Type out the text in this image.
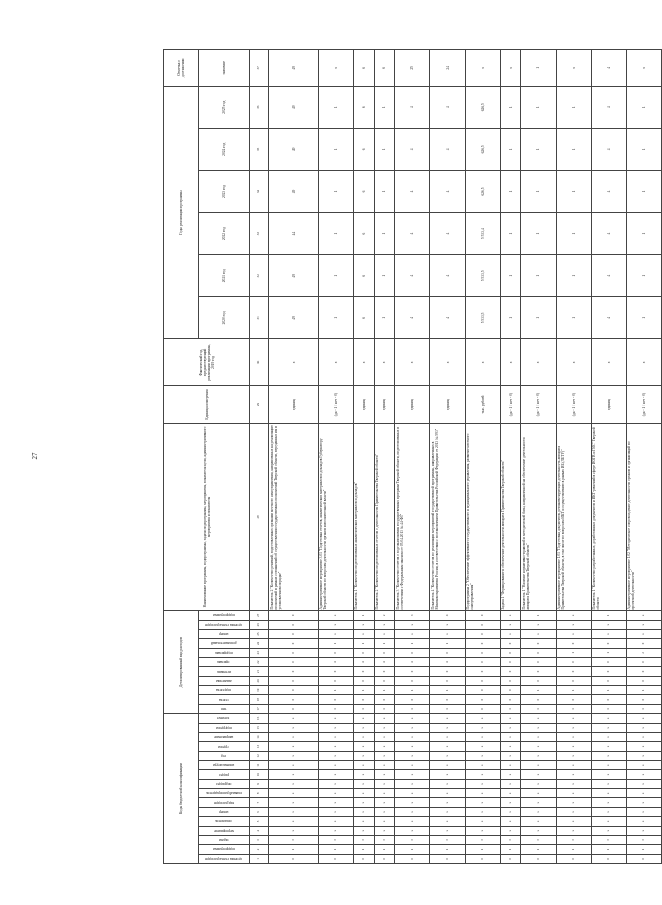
27
Коды бюджетной классификации																Детализированный вид расходов											Наименование программы, подпрограммы, задачи подпрограммы, мероприятия, показателя цели, административного мероприятия и показателя	Единица измерения	Фактический год, предшествующий реализации программы, 2019 год	Годы реализации программы						Отметка о достижении
целевая статья расходов	подпрограмма	задача	мероприятие	показатель	номер	вид расходов	главный распорядитель	подраздел	раздел	номенклатура	год	группа	направление	подгруппа	элемент	тип	статья	подстатья	аналитика	источник	признак	подпризнак	дополнительный	номер	целевая статья расходов	подпрограмма				2020 год	2021 год	2022 год	2023 год	2024 год	2025 год	значение
1	2	3	4	5	6	7	8	9	10	11	12	13	14	15	16	17	18	19	20	21	22	23	24	25	26	27	28	29	30	31	32	33	34	35	36	37
0	1	3	x	x	x	x	x	x	x	x	x	x	x	x	x	0	0	0	0	0	0	0	0	0	0	0	Показатель 2 "Количество решений, подготовленных органами местного самоуправления, направленных на реализацию полномочий в рамках соглашений об осуществлении государственных полномочий Тверской области, переданных им в установленном порядке"	единиц	x	49	49	44	49	49	49	49
0	1	3	x	x	x	x	x	x	x	x	x	x	x	x	x	1	0	1	0	0	4	0	1	x	x	x	Административное мероприятие 3.01 "Подготовка отчетов, аналитических материалов и докладов Губернатору Тверской области по вопросам деятельности органов исполнительной власти"	(да - 1 / нет - 0)	x	1	1	1	1	1	1	x
0	1	3	x	x	x	x	x	x	x	x	x	x	x	x	x	1	0	1	0	0	4	0	1	x	x	1	Показатель 1 "Количество подготовленных аналитических материалов и докладов"	единиц	x	6	6	6	6	6	6	6
0	1	3	x	x	x	x	x	x	x	x	x	x	x	x	x	1	0	1	0	0	4	0	1	x	x	2	Показатель 2 "Количество подготовленных отчетов о деятельности Правительства Тверской области"	единиц	x	1	1	1	1	1	1	6
0	1	3	x	x	x	x	x	x	x	x	x	x	x	x	x	1	0	1	0	0	4	0	1	x	x	3	Показатель 3 "Количество отчетов о ходе выполнения государственных программ Тверской области, подготовленных в соответствии с Федеральным законом от 05.04.2013 № 44-ФЗ"	единиц	x	4	4	4	4	4	4	25
0	1	3	x	x	x	x	x	x	x	x	x	x	x	x	x	1	0	1	0	0	4	0	1	x	x	4	Показатель 4 "Количество отчетов по реализации мероприятий государственной программы, направленных в Минэкономразвития России, в соответствии с постановлением Правительства Российской Федерации от 2013 № 593"	единиц	x	4	4	4	4	4	4	24
0	1	3	x	x	x	x	x	x	x	x	x	x	x	x	x	0	0	0	0	0	0	0	0	0	0	0	Подпрограмма 2 "Обеспечение эффективного государственного и муниципального управления, развитие местного самоуправления"	тыс. рублей	x	5 533,5	5 533,5	5 533,4	626,5	626,5	626,5	x
0	1	3	x	x	x	x	x	x	x	x	x	x	x	x	x	1	0	0	0	0	0	0	0	x	x	x	Задача 1 "Формирование и обеспечение деятельности аппарата Правительства Тверской области"	(да - 1 / нет - 0)	x	1	1	1	1	1	1	x
0	1	3	x	x	x	x	x	x	x	x	x	x	x	x	x	1	0	1	0	0	0	0	0	x	x	1	Показатель 1 "Наличие нормативно-правовой и методической базы, направленной на обеспечение деятельности аппарата Правительства Тверской области"	(да - 1 / нет - 0)	x	1	1	1	1	1	1	1
0	1	3	x	x	x	x	x	x	x	x	x	x	x	x	x	1	0	1	0	0	0	1	0	x	x	x	Административное мероприятие 1.01 "Подготовка документов, регламентирующих деятельность аппарата Правительства Тверской области, в том числе по вопросам ИКТ и осуществлению в рамках ИБ (ЛЕТУ)"	(да - 1 / нет - 0)	x	1	1	1	1	1	1	x
0	1	3	x	x	x	x	x	x	x	x	x	x	x	x	x	1	0	1	0	0	0	1	0	x	x	1	Показатель 1 "Количество разработанных, доработанных документов и ИКТ-решений в сфере ИОГВ и ГИС" Тверской области	единиц	x	4	4	4	4	4	4	4
0	1	3	x	x	x	x	x	x	x	x	x	x	x	x	x	1	0	1	0	0	0	2	0	x	x	x	Административное мероприятие 1.02 "Методическое сопровождение деятельности органов и организаций по проектной деятельности"	(да - 1 / нет - 0)	x	1	1	1	1	1	1	x
